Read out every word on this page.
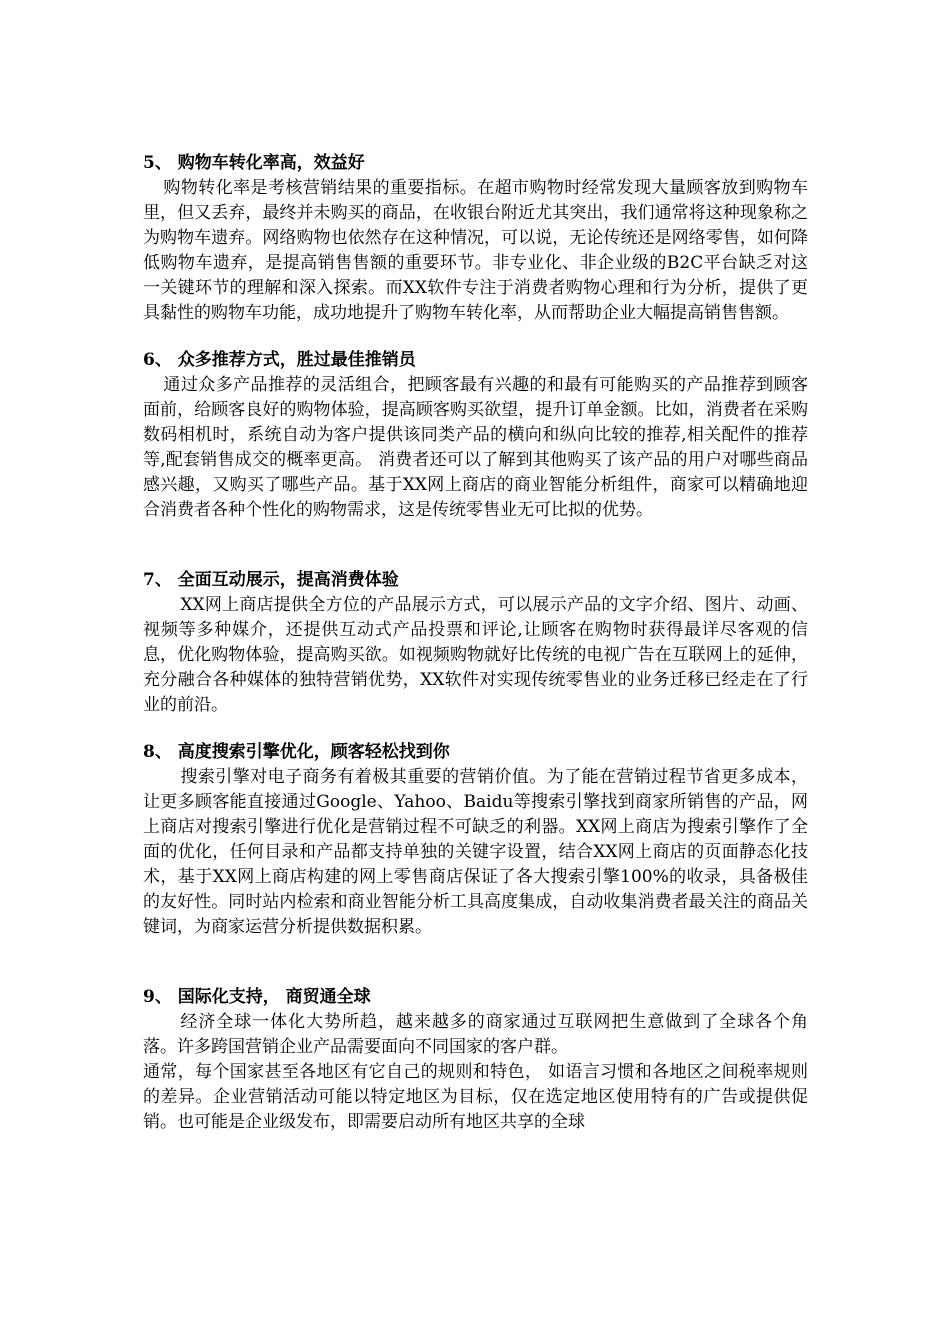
5、 购物车转化率高，效益好

购物转化率是考核营销结果的重要指标。在超市购物时经常发现大量顾客放到购物车里，但又丢弃，最终并未购买的商品，在收银台附近尤其突出，我们通常将这种现象称之为购物车遗弃。网络购物也依然存在这种情况，可以说，无论传统还是网络零售，如何降低购物车遗弃，是提高销售售额的重要环节。非专业化、非企业级的B2C平台缺乏对这一关键环节的理解和深入探索。而XX软件专注于消费者购物心理和行为分析，提供了更具黏性的购物车功能，成功地提升了购物车转化率，从而帮助企业大幅提高销售售额。

6、 众多推荐方式，胜过最佳推销员

通过众多产品推荐的灵活组合，把顾客最有兴趣的和最有可能购买的产品推荐到顾客面前，给顾客良好的购物体验，提高顾客购买欲望，提升订单金额。比如，消费者在采购数码相机时，系统自动为客户提供该同类产品的横向和纵向比较的推荐,相关配件的推荐等,配套销售成交的概率更高。 消费者还可以了解到其他购买了该产品的用户对哪些商品感兴趣，又购买了哪些产品。基于XX网上商店的商业智能分析组件，商家可以精确地迎合消费者各种个性化的购物需求，这是传统零售业无可比拟的优势。

7、 全面互动展示，提高消费体验

XX网上商店提供全方位的产品展示方式，可以展示产品的文字介绍、图片、动画、视频等多种媒介，还提供互动式产品投票和评论,让顾客在购物时获得最详尽客观的信息，优化购物体验，提高购买欲。如视频购物就好比传统的电视广告在互联网上的延伸，充分融合各种媒体的独特营销优势，XX软件对实现传统零售业的业务迁移已经走在了行业的前沿。

8、 高度搜索引擎优化，顾客轻松找到你

搜索引擎对电子商务有着极其重要的营销价值。为了能在营销过程节省更多成本，让更多顾客能直接通过Google、Yahoo、Baidu等搜索引擎找到商家所销售的产品，网上商店对搜索引擎进行优化是营销过程不可缺乏的利器。XX网上商店为搜索引擎作了全面的优化，任何目录和产品都支持单独的关键字设置，结合XX网上商店的页面静态化技术，基于XX网上商店构建的网上零售商店保证了各大搜索引擎100%的收录，具备极佳的友好性。同时站内检索和商业智能分析工具高度集成，自动收集消费者最关注的商品关键词，为商家运营分析提供数据积累。

9、 国际化支持， 商贸通全球

经济全球一体化大势所趋，越来越多的商家通过互联网把生意做到了全球各个角落。许多跨国营销企业产品需要面向不同国家的客户群。

通常，每个国家甚至各地区有它自己的规则和特色， 如语言习惯和各地区之间税率规则的差异。企业营销活动可能以特定地区为目标，仅在选定地区使用特有的广告或提供促销。也可能是企业级发布，即需要启动所有地区共享的全球
